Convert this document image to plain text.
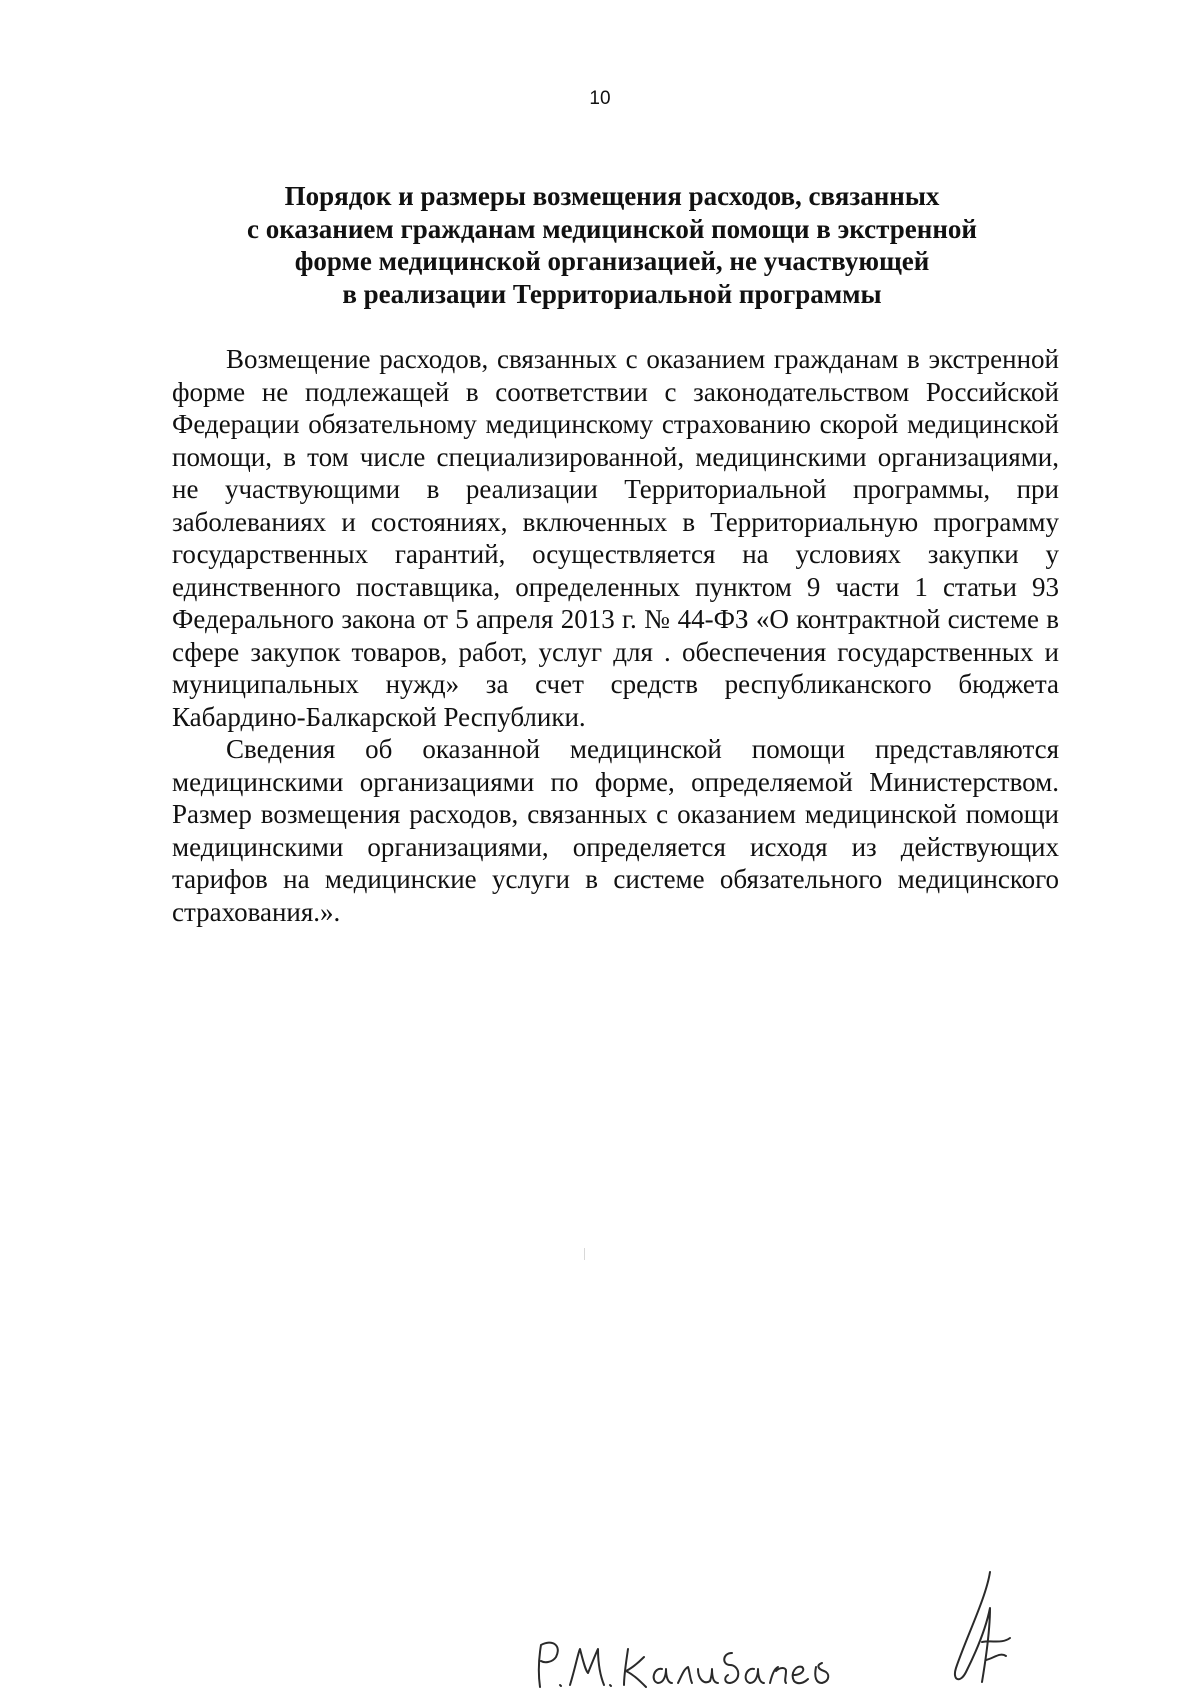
10
Порядок и размеры возмещения расходов, связанных
с оказанием гражданам медицинской помощи в экстренной
форме медицинской организацией, не участвующей
в реализации Территориальной программы

Возмещение расходов, связанных с оказанием гражданам в экстренной форме не подлежащей в соответствии с законодательством Российской Федерации обязательному медицинскому страхованию скорой медицинской помощи, в том числе специализированной, медицинскими организациями, не участвующими в реализации Территориальной программы, при заболеваниях и состояниях, включенных в Территориальную программу государственных гарантий, осуществляется на условиях закупки у единственного поставщика, определенных пунктом 9 части 1 статьи 93 Федерального закона от 5 апреля 2013 г. № 44-ФЗ «О контрактной системе в сфере закупок товаров, работ, услуг для . обеспечения государственных и муниципальных нужд» за счет средств республиканского бюджета Кабардино-Балкарской Республики.

Сведения об оказанной медицинской помощи представляются медицинскими организациями по форме, определяемой Министерством. Размер возмещения расходов, связанных с оказанием медицинской помощи медицинскими организациями, определяется исходя из действующих тарифов на медицинские услуги в системе обязательного медицинского страхования.».
